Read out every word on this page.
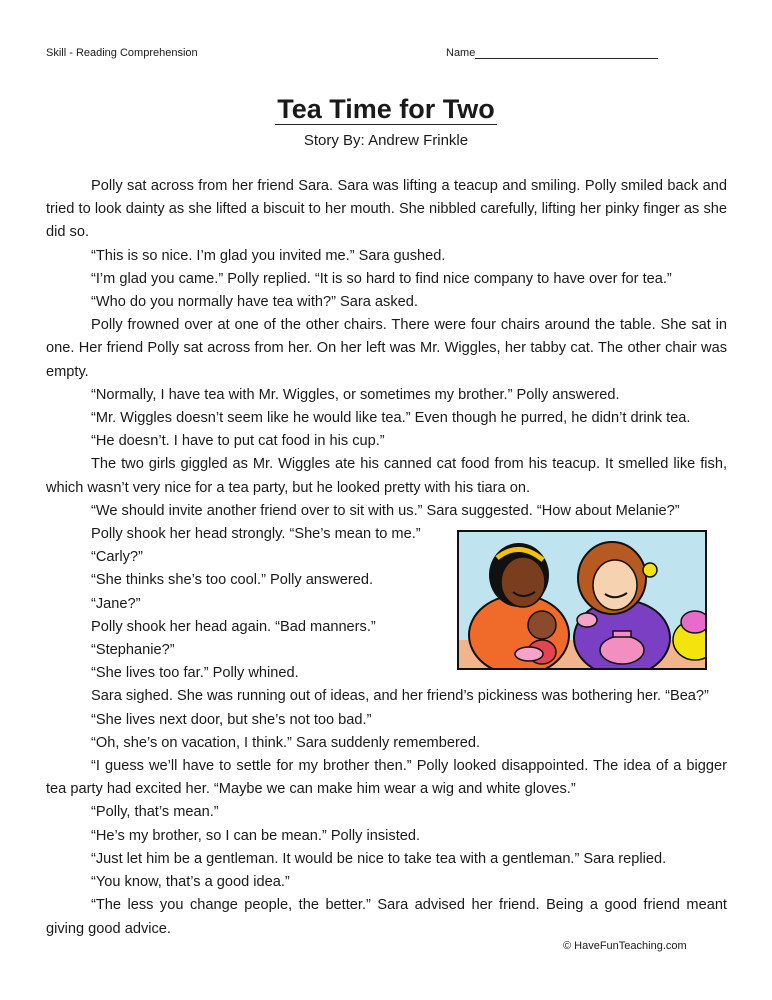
Skill - Reading Comprehension	Name
Tea Time for Two
Story By: Andrew Frinkle

Polly sat across from her friend Sara. Sara was lifting a teacup and smiling. Polly smiled back and tried to look dainty as she lifted a biscuit to her mouth. She nibbled carefully, lifting her pinky finger as she did so.

“This is so nice. I’m glad you invited me.” Sara gushed.

“I’m glad you came.” Polly replied. “It is so hard to find nice company to have over for tea.”

“Who do you normally have tea with?” Sara asked.

Polly frowned over at one of the other chairs. There were four chairs around the table. She sat in one. Her friend Polly sat across from her. On her left was Mr. Wiggles, her tabby cat. The other chair was empty.

“Normally, I have tea with Mr. Wiggles, or sometimes my brother.” Polly answered.

“Mr. Wiggles doesn’t seem like he would like tea.” Even though he purred, he didn’t drink tea.

“He doesn’t. I have to put cat food in his cup.”

The two girls giggled as Mr. Wiggles ate his canned cat food from his teacup. It smelled like fish, which wasn’t very nice for a tea party, but he looked pretty with his tiara on.

“We should invite another friend over to sit with us.” Sara suggested. “How about Melanie?”

Polly shook her head strongly. “She’s mean to me.”

“Carly?”

“She thinks she’s too cool.” Polly answered.

“Jane?”

Polly shook her head again. “Bad manners.”

“Stephanie?”

“She lives too far.” Polly whined.

Sara sighed. She was running out of ideas, and her friend’s pickiness was bothering her. “Bea?”

“She lives next door, but she’s not too bad.”

“Oh, she’s on vacation, I think.” Sara suddenly remembered.

“I guess we’ll have to settle for my brother then.” Polly looked disappointed. The idea of a bigger tea party had excited her. “Maybe we can make him wear a wig and white gloves.”

“Polly, that’s mean.”

“He’s my brother, so I can be mean.” Polly insisted.

“Just let him be a gentleman. It would be nice to take tea with a gentleman.” Sara replied.

“You know, that’s a good idea.”

“The less you change people, the better.” Sara advised her friend. Being a good friend meant giving good advice.

© HaveFunTeaching.com
